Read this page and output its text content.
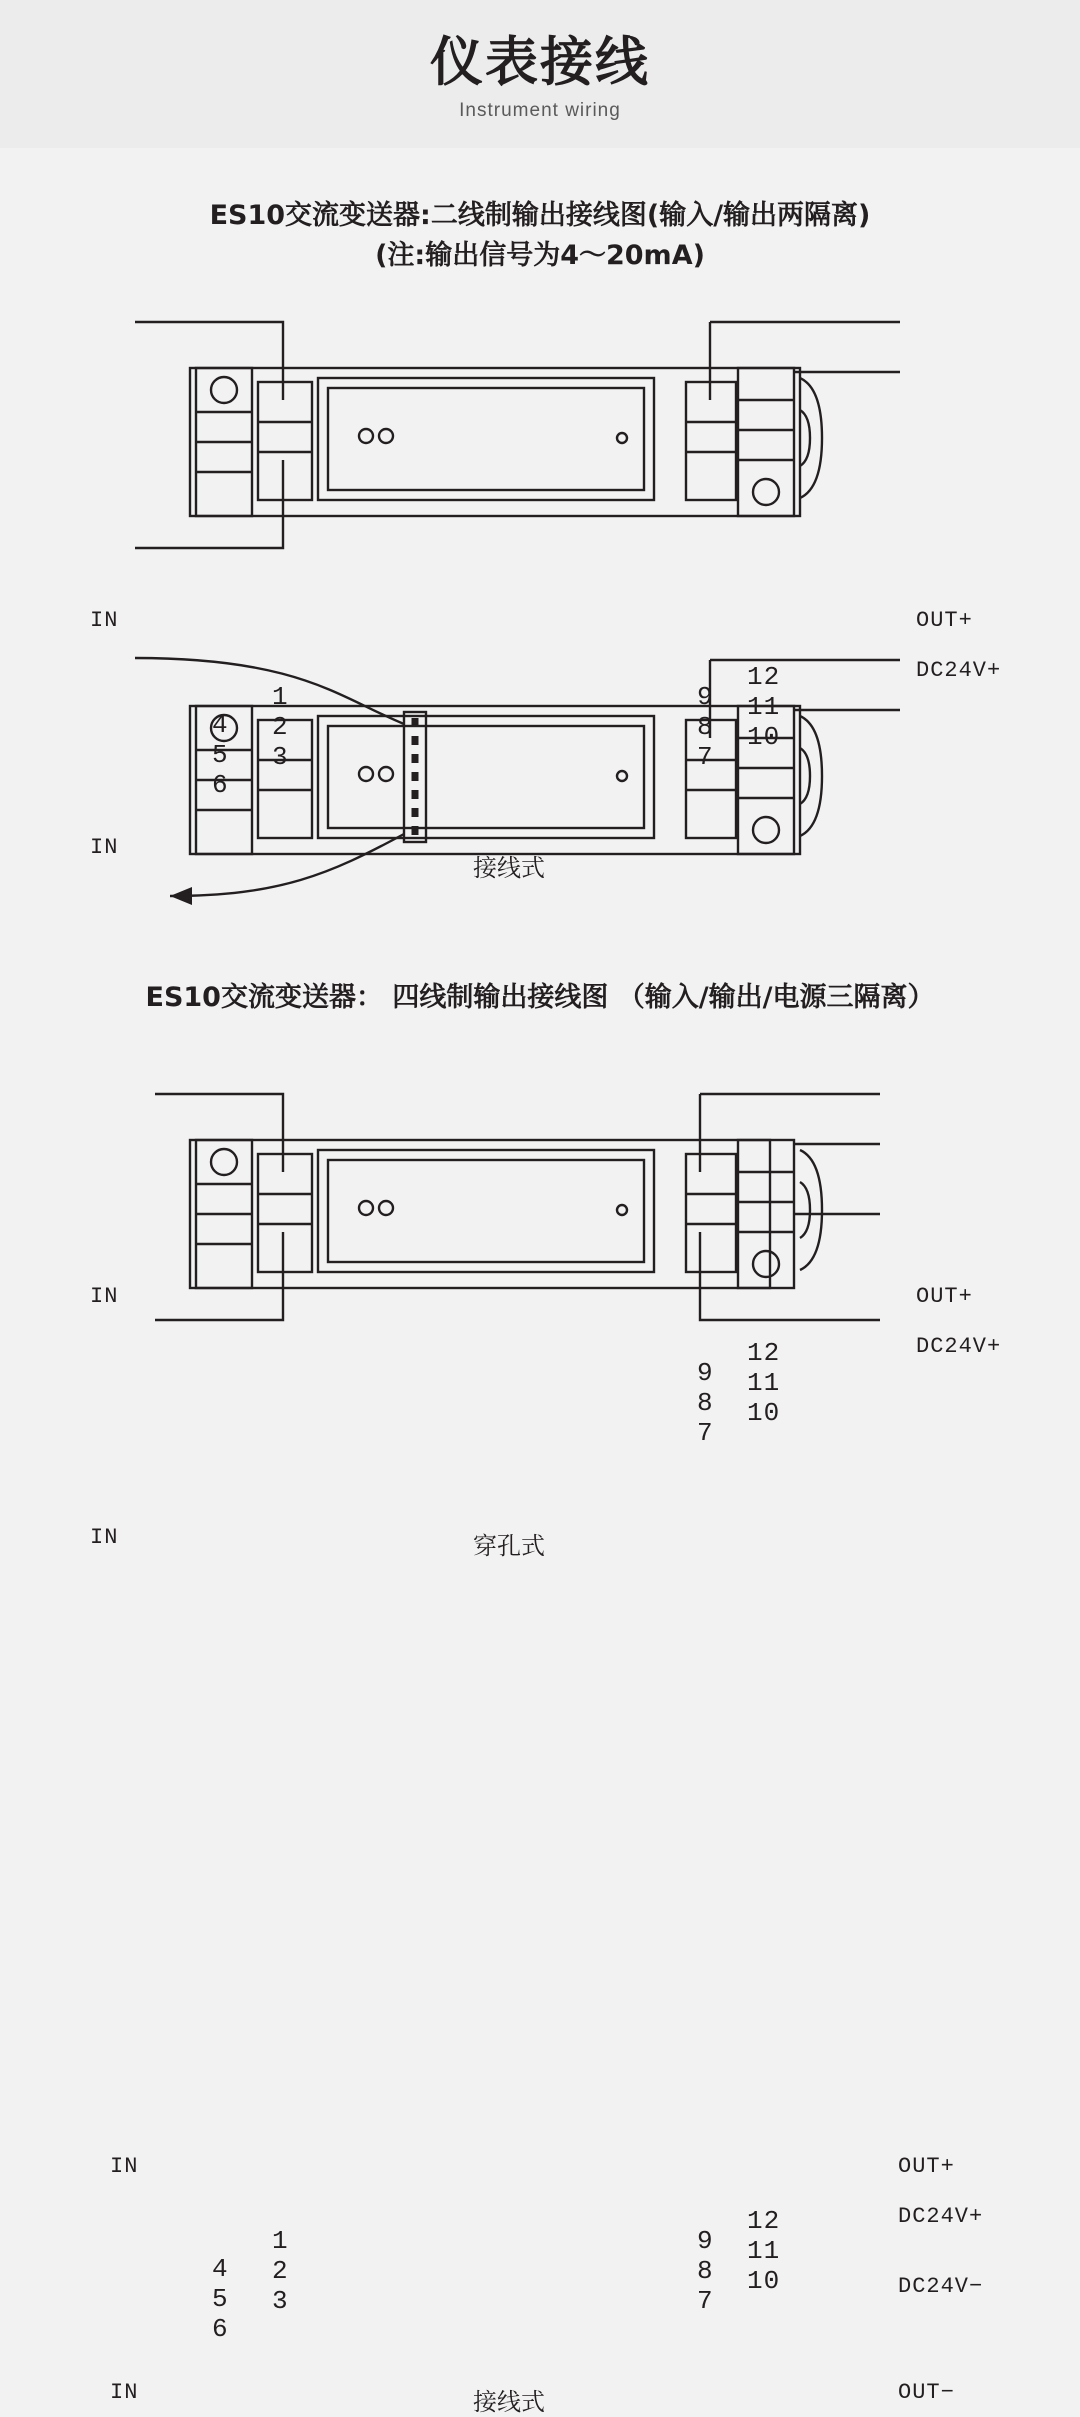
仪表接线
Instrument wiring
ES10交流变送器:二线制输出接线图(输入/输出两隔离)
(注:输出信号为4～20mA)
IN
IN
OUT+
DC24V+
4
5
6
1
2
3
9
8
7
12
11
10
接线式
IN
IN
OUT+
DC24V+
9
8
7
12
11
10
穿孔式
ES10交流变送器： 四线制输出接线图 （输入/输出/电源三隔离）
IN
IN
OUT+
DC24V+
DC24V−
OUT−
4
5
6
1
2
3
9
8
7
12
11
10
接线式
